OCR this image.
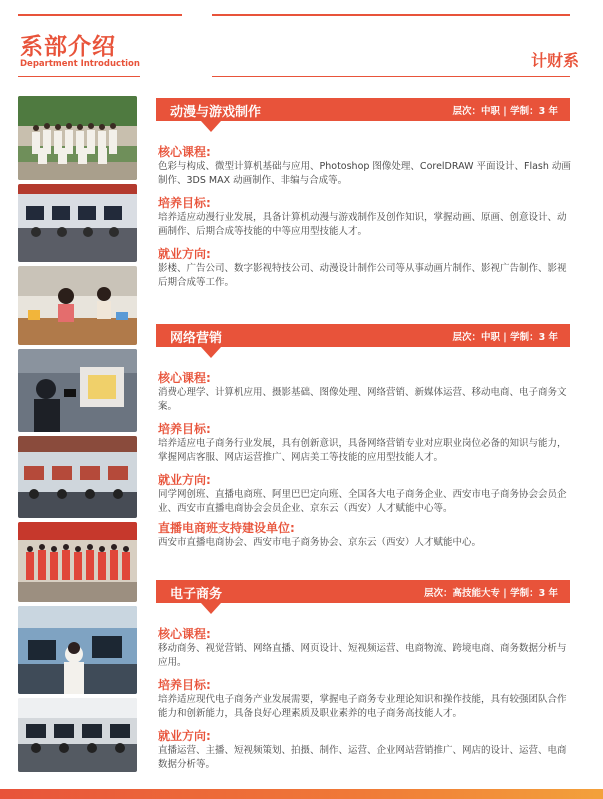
系部介绍
Department Introduction	计财系
动漫与游戏制作	层次：中职 | 学制：3 年
核心课程:
色彩与构成、微型计算机基础与应用、Photoshop 图像处理、CorelDRAW 平面设计、Flash 动画制作、3DS MAX 动画制作、非编与合成等。
培养目标:
培养适应动漫行业发展，具备计算机动漫与游戏制作及创作知识，掌握动画、原画、创意设计、动画制作、后期合成等技能的中等应用型技能人才。
就业方向:
影楼、广告公司、数字影视特技公司、动漫设计制作公司等从事动画片制作、影视广告制作、影视后期合成等工作。
网络营销	层次：中职 | 学制：3 年
核心课程:
消费心理学、计算机应用、摄影基础、图像处理、网络营销、新媒体运营、移动电商、电子商务文案。
培养目标:
培养适应电子商务行业发展，具有创新意识，具备网络营销专业对应职业岗位必备的知识与能力，掌握网店客服、网店运营推广、网店美工等技能的应用型技能人才。
就业方向:
同学网创班、直播电商班、阿里巴巴定向班、全国各大电子商务企业、西安市电子商务协会会员企业、西安市直播电商协会会员企业、京东云（西安）人才赋能中心等。
直播电商班支持建设单位:
西安市直播电商协会、西安市电子商务协会、京东云（西安）人才赋能中心。
电子商务	层次：高技能大专 | 学制：3 年
核心课程:
移动商务、视觉营销、网络直播、网页设计、短视频运营、电商物流、跨境电商、商务数据分析与应用。
培养目标:
培养适应现代电子商务产业发展需要，掌握电子商务专业理论知识和操作技能，具有较强团队合作能力和创新能力，具备良好心理素质及职业素养的电子商务高技能人才。
就业方向:
直播运营、主播、短视频策划、拍摄、制作、运营、企业网站营销推广、网店的设计、运营、电商数据分析等。
